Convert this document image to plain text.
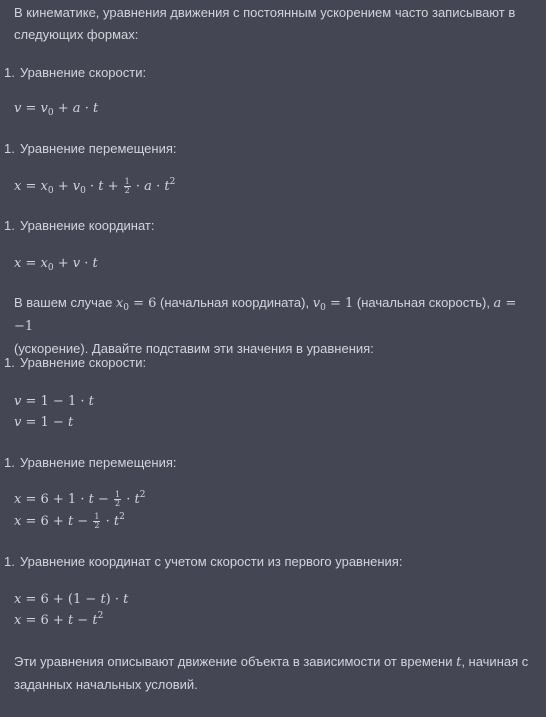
В кинематике, уравнения движения с постоянным ускорением часто записывают в
следующих формах:

1. Уравнение скорости:
$v = v_0 + a \cdot t$
1. Уравнение перемещения:
$x = x_0 + v_0 \cdot t + \frac{1}{2} \cdot a \cdot t^2$
1. Уравнение координат:
$x = x_0 + v \cdot t$

В вашем случае $x_0 = 6$ (начальная координата), $v_0 = 1$ (начальная скорость), a = −1
(ускорение). Давайте подставим эти значения в уравнения:

1. Уравнение скорости:
v = 1 − 1 · t
v = 1 − t
1. Уравнение перемещения:
$x = 6 + 1 \cdot t - \frac{1}{2} \cdot t^2$
$x = 6 + t - \frac{1}{2} \cdot t^2$
1. Уравнение координат с учетом скорости из первого уравнения:
x = 6 + (1 − t) · t
$x = 6 + t - t^2$

Эти уравнения описывают движение объекта в зависимости от времени t, начиная с
заданных начальных условий.
